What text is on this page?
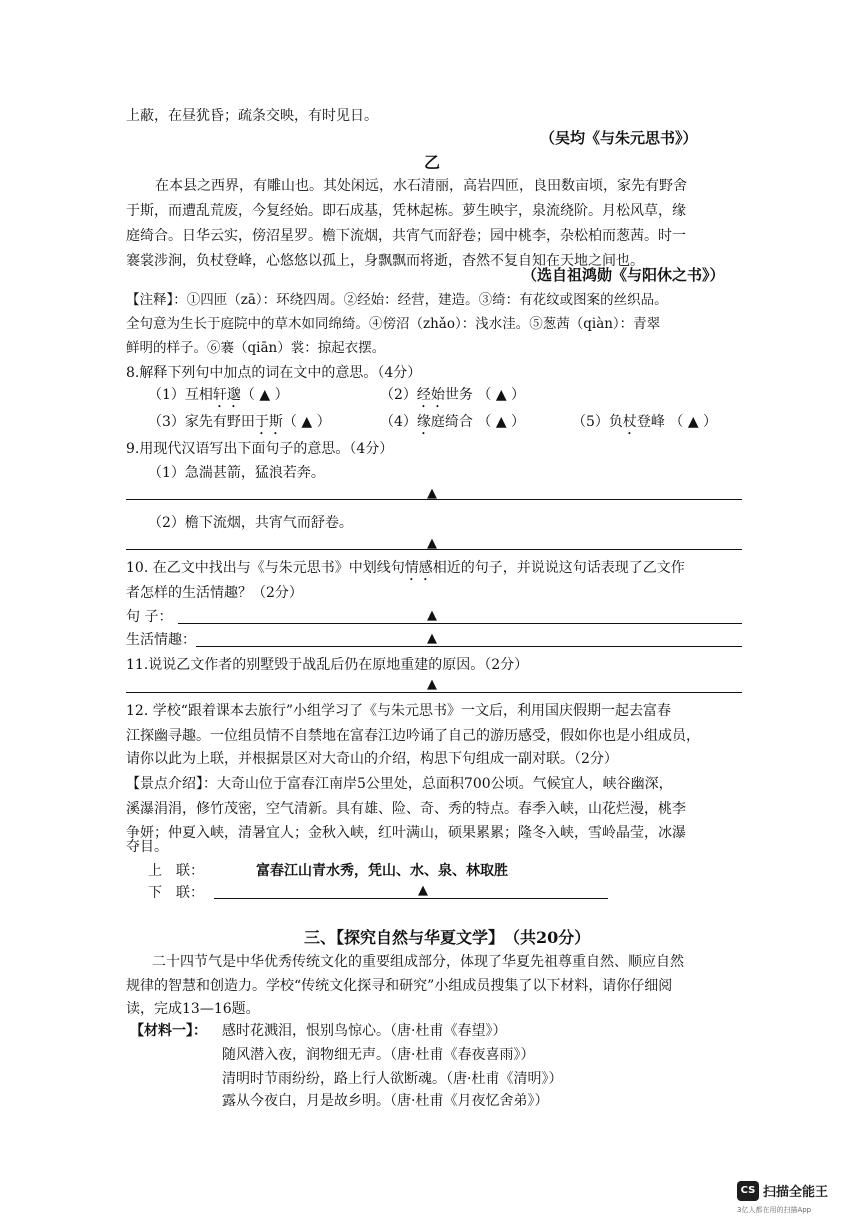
上蔽，在昼犹昏；疏条交映，有时见日。
（吴均《与朱元思书》）
乙
在本县之西界，有雕山也。其处闲远，水石清丽，高岩四匝，良田数亩顷，家先有野舍
于斯，而遭乱荒废，今复经始。即石成基，凭林起栋。萝生映宇，泉流绕阶。月松风草，缘
庭绮合。日华云实，傍沼星罗。檐下流烟，共宵气而舒卷；园中桃李，杂松柏而葱茜。时一
褰裳涉涧，负杖登峰，心悠悠以孤上，身飘飘而将逝，杳然不复自知在天地之间也。
（选自祖鸿勋《与阳休之书》）
【注释】：①四匝（zā）：环绕四周。②经始：经营，建造。③绮：有花纹或图案的丝织品。
全句意为生长于庭院中的草木如同绵绮。④傍沼（zhǎo）：浅水洼。⑤葱茜（qiàn）：青翠
鲜明的样子。⑥褰（qiān）裳：掠起衣摆。
8.解释下列句中加点的词在文中的意思。（4分）
（1）互相轩邈（ ▲ ）	（2）经始世务 （ ▲ ）
（3）家先有野田于斯（ ▲ ）	（4）缘庭绮合 （ ▲ ）	（5）负杖登峰 （ ▲ ）
9.用现代汉语写出下面句子的意思。（4分）
（1）急湍甚箭，猛浪若奔。
▲
（2）檐下流烟，共宵气而舒卷。
▲
10. 在乙文中找出与《与朱元思书》中划线句情感相近的句子，并说说这句话表现了乙文作
者怎样的生活情趣？（2分）
句 子：	▲
生活情趣：	▲
11.说说乙文作者的别墅毁于战乱后仍在原地重建的原因。（2分）
▲
12. 学校“跟着课本去旅行”小组学习了《与朱元思书》一文后，利用国庆假期一起去富春
江探幽寻趣。一位组员情不自禁地在富春江边吟诵了自己的游历感受，假如你也是小组成员，
请你以此为上联，并根据景区对大奇山的介绍，构思下句组成一副对联。（2分）
【景点介绍】：大奇山位于富春江南岸5公里处，总面积700公顷。气候宜人，峡谷幽深，
溪瀑涓涓，修竹茂密，空气清新。具有雄、险、奇、秀的特点。春季入峡，山花烂漫，桃李
争妍；仲夏入峡，清暑宜人；金秋入峡，红叶满山，硕果累累；隆冬入峡，雪岭晶莹，冰瀑
夺目。
上　联：	富春江山青水秀，凭山、水、泉、林取胜
下　联：	▲
三、【探究自然与华夏文学】　（共20分）
二十四节气是中华优秀传统文化的重要组成部分，体现了华夏先祖尊重自然、顺应自然
规律的智慧和创造力。学校“传统文化探寻和研究”小组成员搜集了以下材料，请你仔细阅
读，完成13—16题。
【材料一】： 感时花溅泪，恨别鸟惊心。（唐·杜甫《春望》）
随风潜入夜，润物细无声。（唐·杜甫《春夜喜雨》）
清明时节雨纷纷，路上行人欲断魂。（唐·杜甫《清明》）
露从今夜白，月是故乡明。（唐·杜甫《月夜忆舍弟》）
CS 扫描全能王
3亿人都在用的扫描App
